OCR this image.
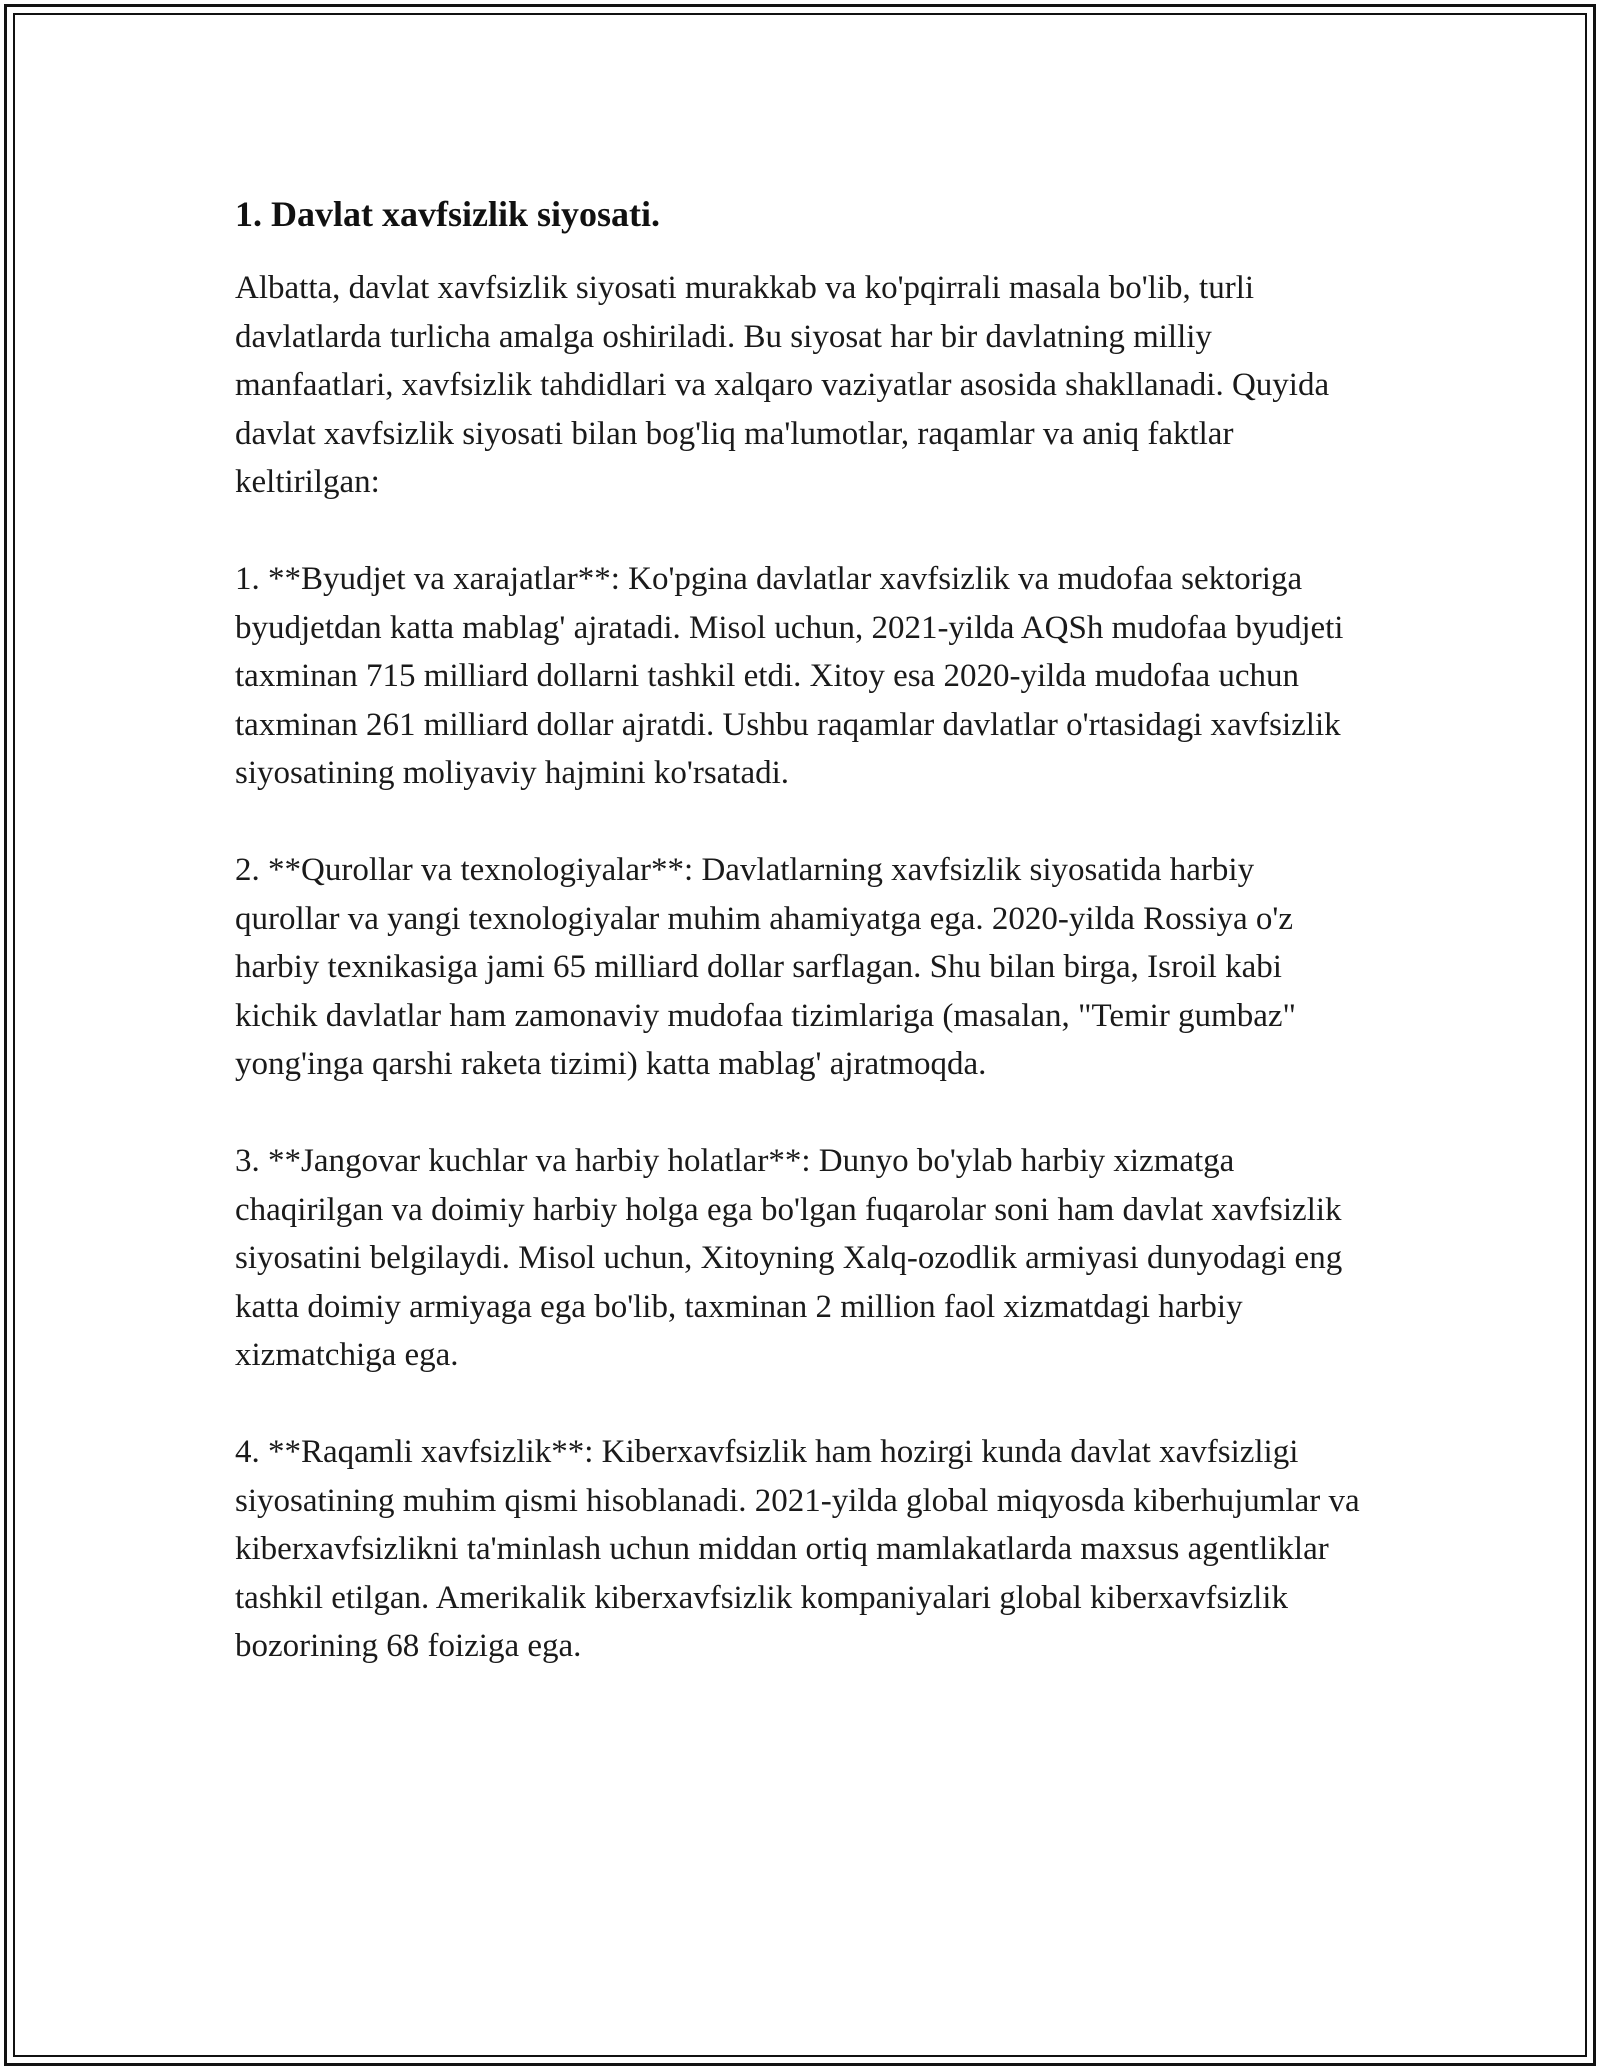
1. Davlat xavfsizlik siyosati.

Albatta, davlat xavfsizlik siyosati murakkab va ko'pqirrali masala bo'lib, turli davlatlarda turlicha amalga oshiriladi. Bu siyosat har bir davlatning milliy manfaatlari, xavfsizlik tahdidlari va xalqaro vaziyatlar asosida shakllanadi. Quyida davlat xavfsizlik siyosati bilan bog'liq ma'lumotlar, raqamlar va aniq faktlar keltirilgan:

1. **Byudjet va xarajatlar**: Ko'pgina davlatlar xavfsizlik va mudofaa sektoriga byudjetdan katta mablag' ajratadi. Misol uchun, 2021-yilda AQSh mudofaa byudjeti taxminan 715 milliard dollarni tashkil etdi. Xitoy esa 2020-yilda mudofaa uchun taxminan 261 milliard dollar ajratdi. Ushbu raqamlar davlatlar o'rtasidagi xavfsizlik siyosatining moliyaviy hajmini ko'rsatadi.

2. **Qurollar va texnologiyalar**: Davlatlarning xavfsizlik siyosatida harbiy qurollar va yangi texnologiyalar muhim ahamiyatga ega. 2020-yilda Rossiya o'z harbiy texnikasiga jami 65 milliard dollar sarflagan. Shu bilan birga, Isroil kabi kichik davlatlar ham zamonaviy mudofaa tizimlariga (masalan, "Temir gumbaz" yong'inga qarshi raketa tizimi) katta mablag' ajratmoqda.

3. **Jangovar kuchlar va harbiy holatlar**: Dunyo bo'ylab harbiy xizmatga chaqirilgan va doimiy harbiy holga ega bo'lgan fuqarolar soni ham davlat xavfsizlik siyosatini belgilaydi. Misol uchun, Xitoyning Xalq-ozodlik armiyasi dunyodagi eng katta doimiy armiyaga ega bo'lib, taxminan 2 million faol xizmatdagi harbiy xizmatchiga ega.

4. **Raqamli xavfsizlik**: Kiberxavfsizlik ham hozirgi kunda davlat xavfsizligi siyosatining muhim qismi hisoblanadi. 2021-yilda global miqyosda kiberhujumlar va kiberxavfsizlikni ta'minlash uchun middan ortiq mamlakatlarda maxsus agentliklar tashkil etilgan. Amerikalik kiberxavfsizlik kompaniyalari global kiberxavfsizlik bozorining 68 foiziga ega.
